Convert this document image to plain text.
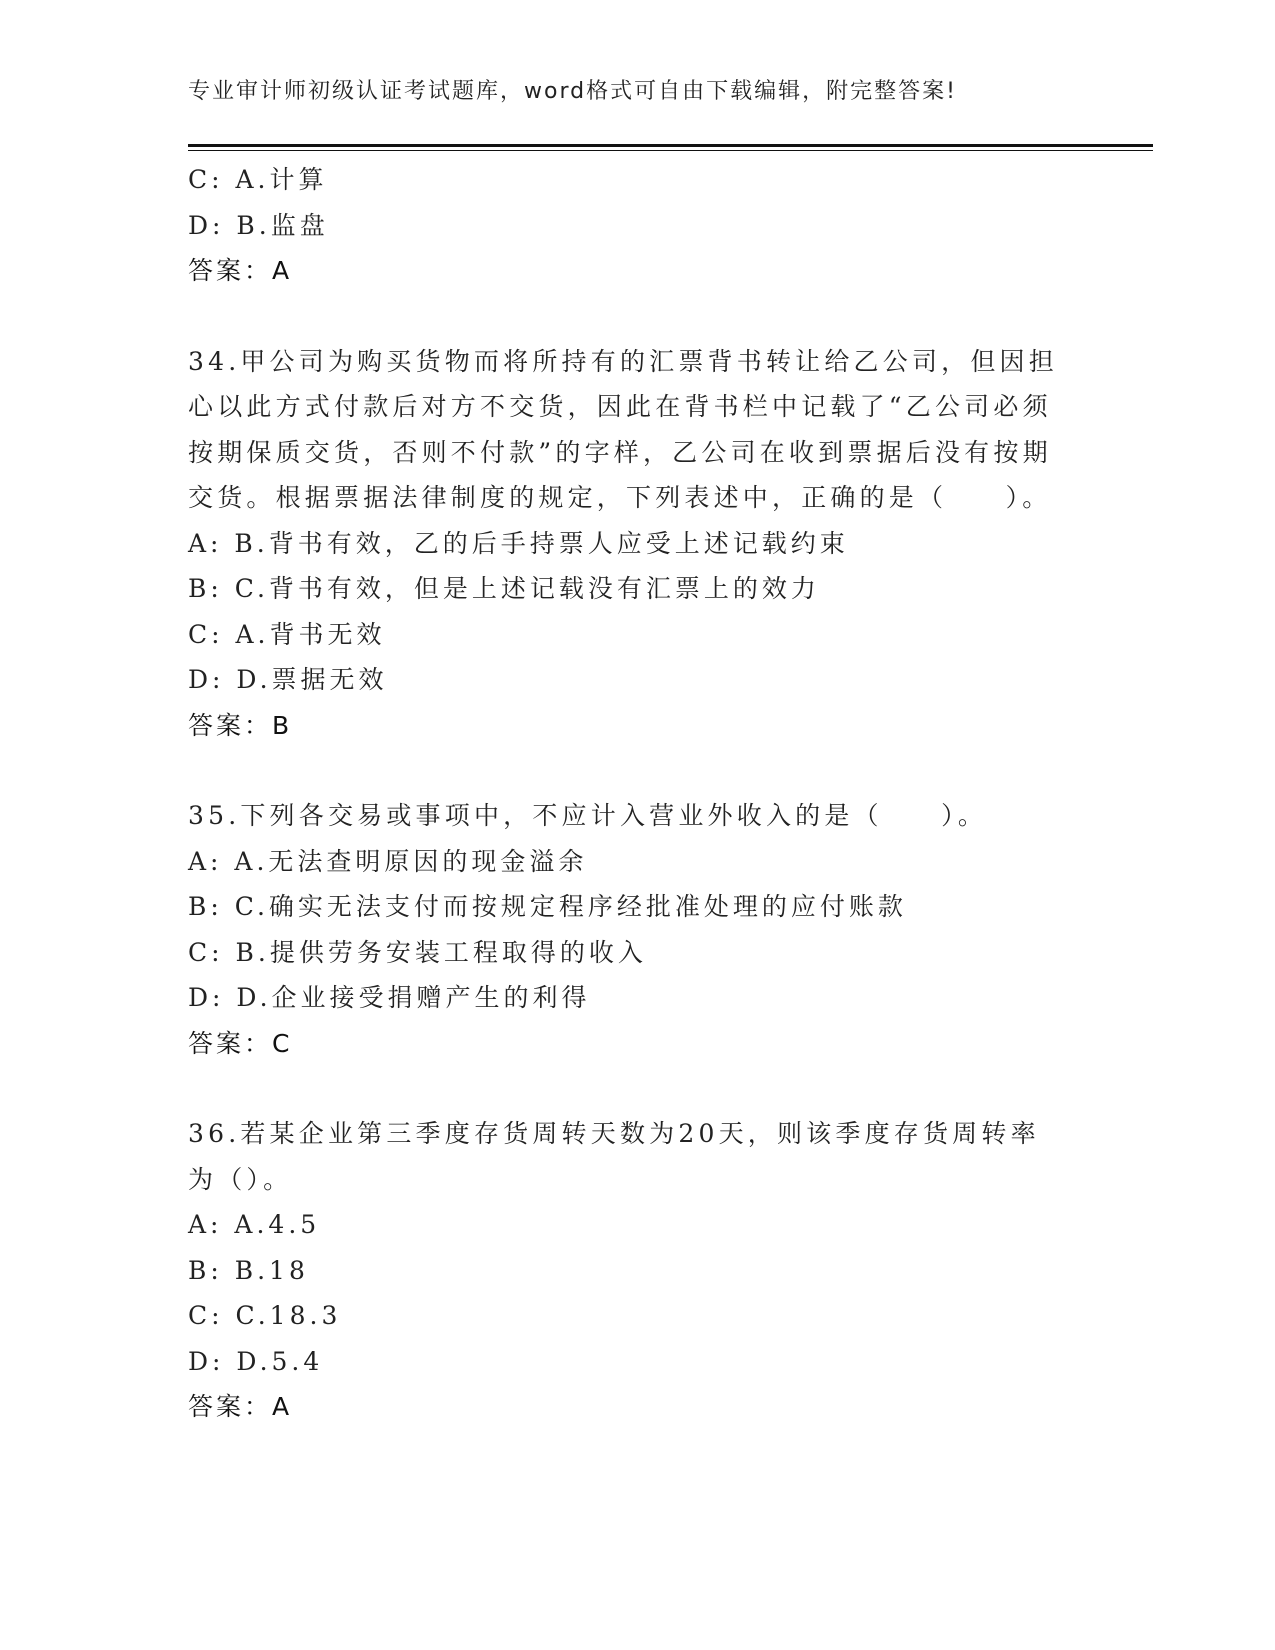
专业审计师初级认证考试题库，word格式可自由下载编辑，附完整答案!
C: A.计算
D: B.监盘
答案：A
34.甲公司为购买货物而将所持有的汇票背书转让给乙公司，但因担心以此方式付款后对方不交货，因此在背书栏中记载了“乙公司必须按期保质交货，否则不付款”的字样，乙公司在收到票据后没有按期交货。根据票据法律制度的规定，下列表述中，正确的是（　　）。
A: B.背书有效，乙的后手持票人应受上述记载约束
B: C.背书有效，但是上述记载没有汇票上的效力
C: A.背书无效
D: D.票据无效
答案：B
35.下列各交易或事项中，不应计入营业外收入的是（　　）。
A: A.无法查明原因的现金溢余
B: C.确实无法支付而按规定程序经批准处理的应付账款
C: B.提供劳务安装工程取得的收入
D: D.企业接受捐赠产生的利得
答案：C
36.若某企业第三季度存货周转天数为20天，则该季度存货周转率为（）。
A: A.4.5
B: B.18
C: C.18.3
D: D.5.4
答案：A
